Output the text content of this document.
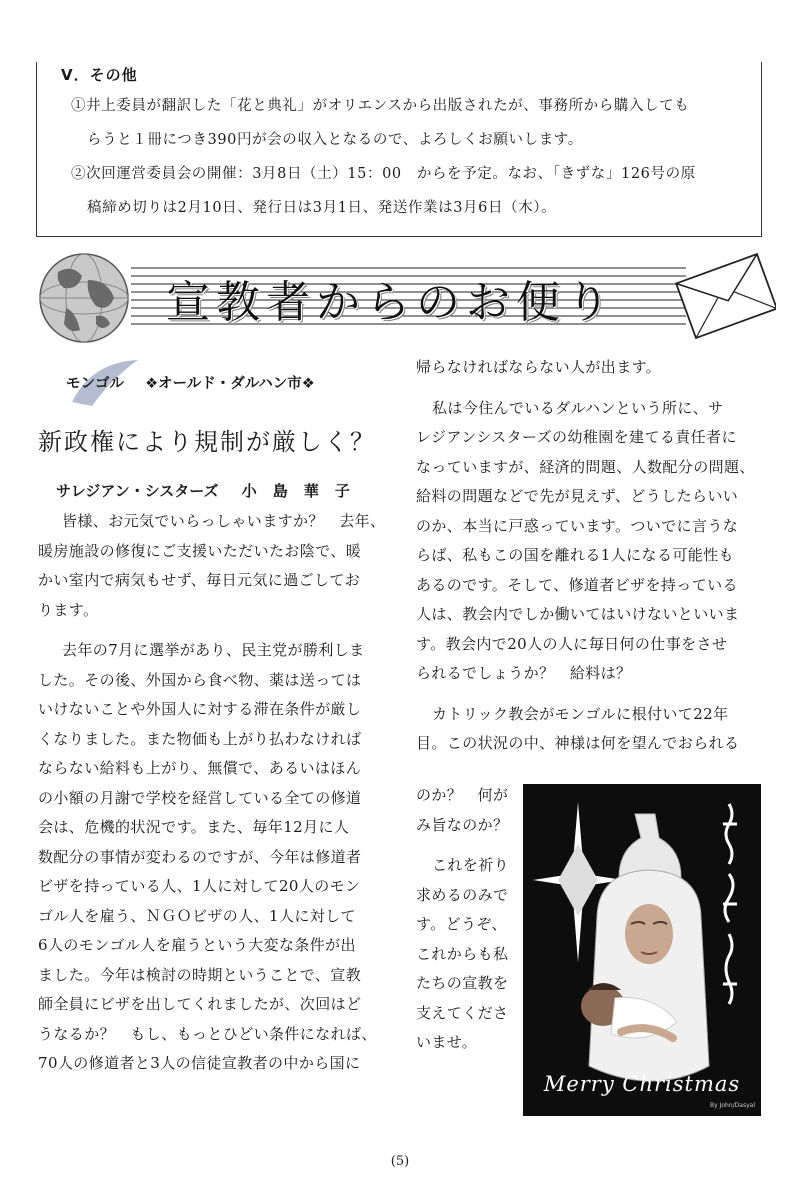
Ⅴ．その他
①井上委員が翻訳した「花と典礼」がオリエンスから出版されたが、事務所から購入しても
らうと１冊につき390円が会の収入となるので、よろしくお願いします。
②次回運営委員会の開催：3月8日（土）15：00　からを予定。なお、「きずな」126号の原
稿締め切りは2月10日、発行日は3月1日、発送作業は3月6日（木）。
宣教者からのお便り
モンゴル ❖オールド・ダルハン市❖
新政権により規制が厳しく？
サレジアン・シスターズ 小島華子
皆様、お元気でいらっしゃいますか？　去年、
暖房施設の修復にご支援いただいたお陰で、暖
かい室内で病気もせず、毎日元気に過ごしてお
ります。
去年の7月に選挙があり、民主党が勝利しま
した。その後、外国から食べ物、薬は送っては
いけないことや外国人に対する滞在条件が厳し
くなりました。また物価も上がり払わなければ
ならない給料も上がり、無償で、あるいはほん
の小額の月謝で学校を経営している全ての修道
会は、危機的状況です。また、毎年12月に人
数配分の事情が変わるのですが、今年は修道者
ビザを持っている人、1人に対して20人のモン
ゴル人を雇う、ＮＧＯビザの人、1人に対して
6人のモンゴル人を雇うという大変な条件が出
ました。今年は検討の時期ということで、宣教
師全員にビザを出してくれましたが、次回はど
うなるか？　もし、もっとひどい条件になれば、
70人の修道者と3人の信徒宣教者の中から国に
帰らなければならない人が出ます。
私は今住んでいるダルハンという所に、サ
レジアンシスターズの幼稚園を建てる責任者に
なっていますが、経済的問題、人数配分の問題、
給料の問題などで先が見えず、どうしたらいい
のか、本当に戸惑っています。ついでに言うな
らば、私もこの国を離れる1人になる可能性も
あるのです。そして、修道者ビザを持っている
人は、教会内でしか働いてはいけないといいま
す。教会内で20人の人に毎日何の仕事をさせ
られるでしょうか？　給料は？
カトリック教会がモンゴルに根付いて22年
目。この状況の中、神様は何を望んでおられる
のか？　何が
み旨なのか？
これを祈り
求めるのみで
す。どうぞ、
これからも私
たちの宣教を
支えてくださ
いませ。
Merry Christmas
By John/Dasyal
(5)
